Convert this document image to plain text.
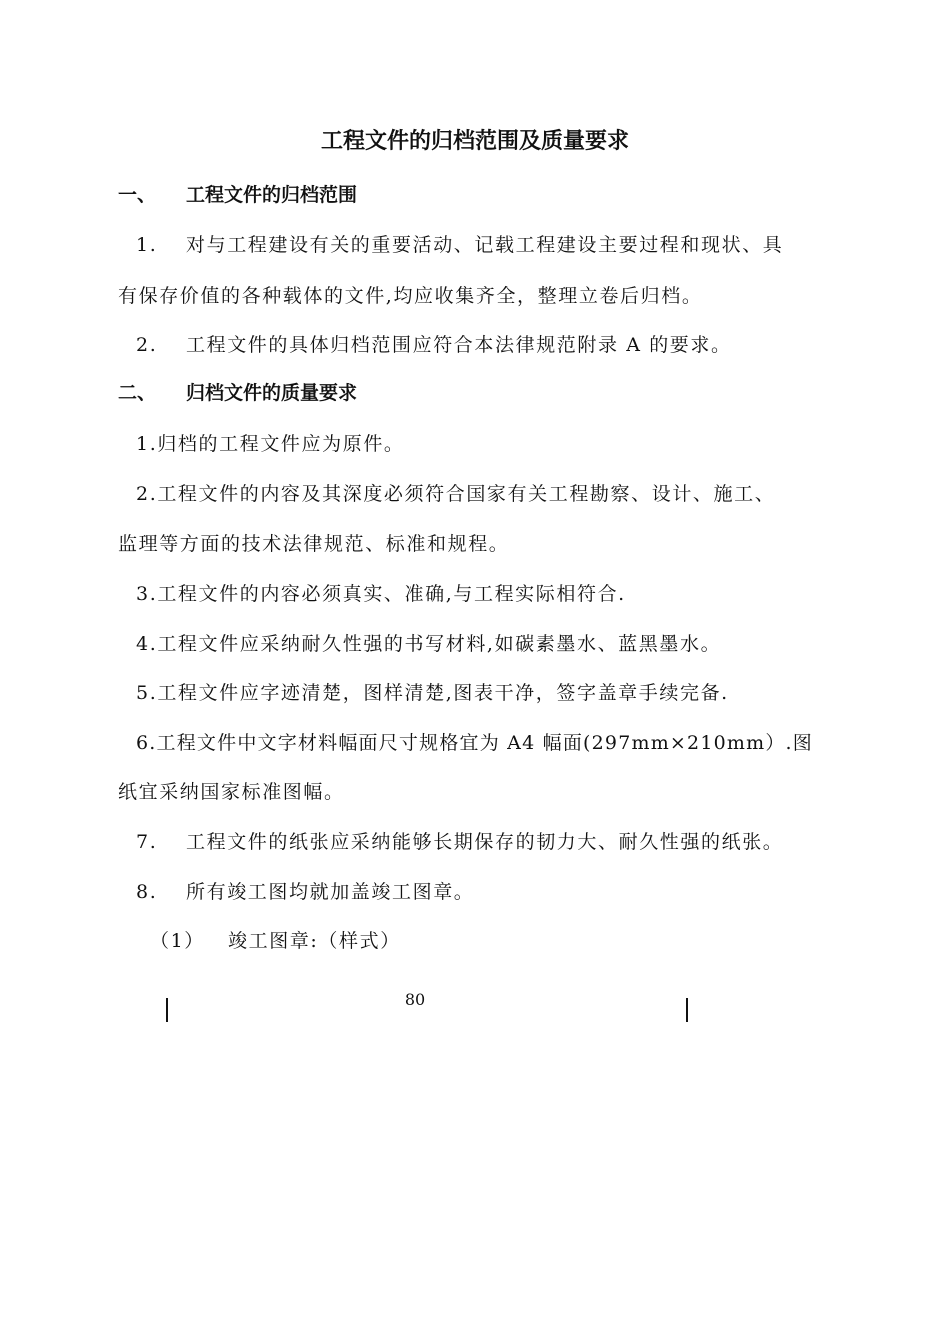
工程文件的归档范围及质量要求
一、 工程文件的归档范围
1. 对与工程建设有关的重要活动、记载工程建设主要过程和现状、具
有保存价值的各种载体的文件,均应收集齐全，整理立卷后归档。
2. 工程文件的具体归档范围应符合本法律规范附录 A 的要求。
二、 归档文件的质量要求
1.归档的工程文件应为原件。
2.工程文件的内容及其深度必须符合国家有关工程勘察、设计、施工、
监理等方面的技术法律规范、标准和规程。
3.工程文件的内容必须真实、准确,与工程实际相符合.
4.工程文件应采纳耐久性强的书写材料,如碳素墨水、蓝黑墨水。
5.工程文件应字迹清楚，图样清楚,图表干净，签字盖章手续完备.
6.工程文件中文字材料幅面尺寸规格宜为 A4 幅面(297mm×210mm）.图
纸宜采纳国家标准图幅。
7. 工程文件的纸张应采纳能够长期保存的韧力大、耐久性强的纸张。
8. 所有竣工图均就加盖竣工图章。
（1） 竣工图章:（样式）
80
